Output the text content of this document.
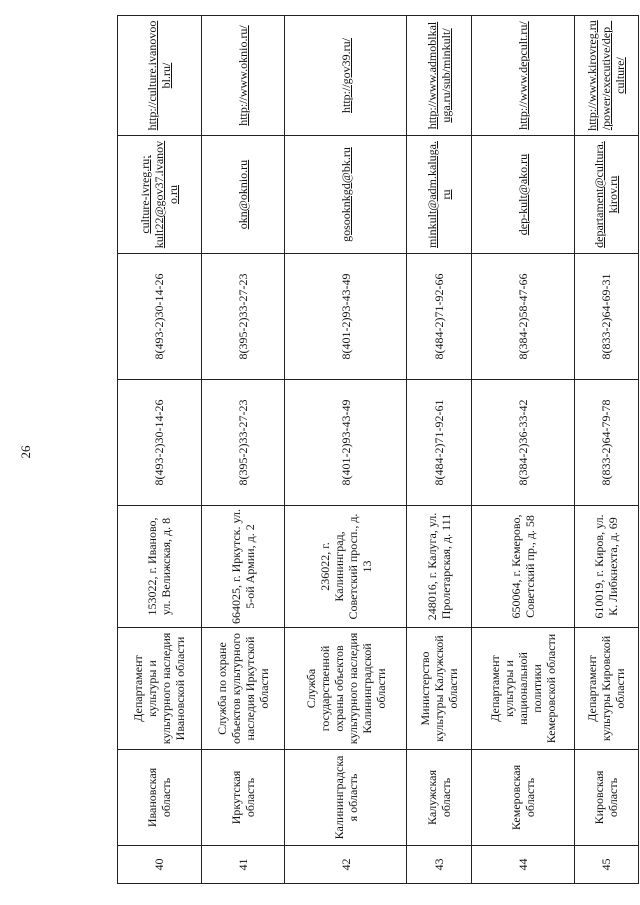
26
40	Ивановская область	Департамент культуры и культурного наследия Ивановской области	153022, г. Иваново, ул. Велижская, д. 8	8(493-2)30-14-26	8(493-2)30-14-26	culture-ivreg.ru; kult22@gov37.ivanovo.ru	http://culture.ivanovoobl.ru/
41	Иркутская область	Служба по охране объектов культурного наследия Иркутской области	664025, г. Иркутск. ул. 5-ой Армии, д. 2	8(395-2)33-27-23	8(395-2)33-27-23	okn@oknio.ru	http://www.oknio.ru/
42	Калининградская область	Служба государственной охраны объектов культурного наследия Калининградской области	236022, г. Калининград, Советский просп., д. 13	8(401-2)93-43-49	8(401-2)93-43-49	gosooknkgd@bk.ru	http://gov39.ru/
43	Калужская область	Министерство культуры Калужской области	248016, г. Калуга, ул. Пролетарская, д. 111	8(484-2)71-92-61	8(484-2)71-92-66	minkult@adm.kaluga.ru	http://www.admoblkaluga.ru/sub/minkult/
44	Кемеровская область	Департамент культуры и национальной политики Кемеровской области	650064, г. Кемерово, Советский пр., д. 58	8(384-2)36-33-42	8(384-2)58-47-66	dep-kult@ako.ru	http://www.depcult.ru/
45	Кировская область	Департамент культуры Кировской области	610019, г. Киров, ул. К. Либкнехта, д. 69	8(833-2)64-79-78	8(833-2)64-69-31	departament@cultura.kirov.ru	http://www.kirovreg.ru/power/executive/dep_culture/
